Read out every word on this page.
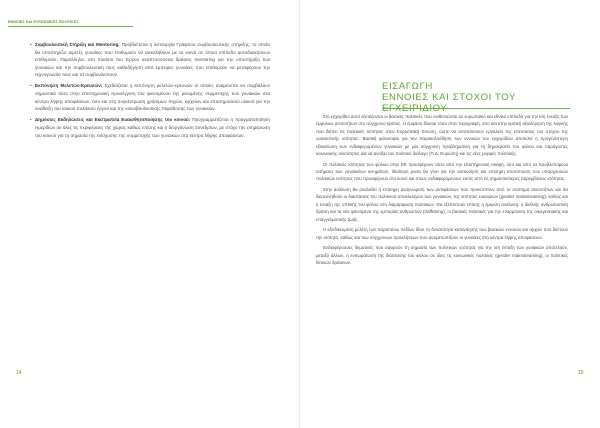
ΕΝΝΟΙΕΣ ΚΑΙ ΕΥΡΩΠΑΪΚΕΣ ΠΟΛΙΤΙΚΕΣ
• Συμβουλευτική Στήριξη και Mentoring: Προβλέπεται η λειτουργία Γραφείου συμβουλευτικής στήριξης, το οποίο θα υποστηρίζει αιρετές γυναίκες που επιθυμούν να ασκολήθουν με τα κοινά σε όποιο επίπεδο αυτοδιοικήσεων επιθυμούν. Παράλληλα, στο πλαίσιο του Έργου αναπτύσσονται δράσεις mentoring για την υποστήριξη των γυναικών και την συμβουλευτική τους καθοδήγηση από έμπειρες γυναίκες που επιθυμούν να μεταφέρουν την τεχνογνωσία τους και τα συμβουλεύτουν.
• Εκπόνηση Μελετών-Ερευνών: Σχεδιάζεται η εκπόνηση μελετών-ερευνών οι οποίες αναμένεται να συμβάλουν σημαντικά τόσο στην επιστημονική προσέγγιση του φαινομένου της μειωμένης συμμετοχής των γυναικών στα κέντρα λήψης αποφάσεων, όσο και στη συγκέντρωση χρήσιμων πηγών, αρχείων και επιστημονικού υλικού για την ανάδειξη του κοινού πολιτικού έργου και της κοινοβουλευτικής παράδοσης των γυναικών.
• Δημόσιες Εκδηλώσεις και Εκστρατεία Ευαισθητοποίησης του κοινού: Προγραμματίζεται η πραγματοποίηση Ημερίδων σε όλες τις περιφέρειες της χώρας καθώς επίσης και η διοργάνωση Συνεδρίων, με στόχο την ενημέρωση του κοινού για τη σημασία της ενίσχυσης της συμμετοχής των γυναικών στα κέντρα λήψης αποφάσεων.
14
ΕΙΣΑΓΩΓΗ
ΕΝΝΟΙΕΣ ΚΑΙ ΣΤΟΧΟΙ ΤΟΥ

Στο εγχειρίδιο αυτό εξετάζονται οι βασικές πολιτικές που υιοθετούνται σε ευρωπαϊκό και εθνικό επίπεδο για την ίση ένταξη των έμφυλων ανισοτήτων στο σύγχρονο κράτος. Η έμφαση δίνεται τόσο στην περιγραφή, όσο και στην κριτική αξιολόγηση της λογικής που διέπει τις πολιτικές ισότητας στην Ευρωπαϊκή Ένωση, ώστε να αποτελέσουν εργαλεία της επέκτασης του στόχου της ουσιαστικής ισότητας. Βασική φιλοσοφία για την παρακολούθηση των εννοιών του εγχειριδίου αποτελεί η προγενέστερη εξοικείωση των ενδιαφερομένων γυναικών με μία σύγχρονη προβληματική για τη δημοκρατία του φύλου και παράγοντες κοινωνικής ανισότητας και να ανοίξει του πολιτικό διάλογο (Π.Δ. Ευρώπη) και τις νέες μορφές πολιτικής.

Οι πολιτικές ισότητας των φύλων στην ΕΕ προσφέρουν τόσο από την επιστημονική σκέψη, όσο και από τα προβλεπόμενα αιτήματα των γυναικείων κινημάτων. Ιδιαίτερη μνεία θα γίνει για την κατανόηση και επίσημη αποτύπωση των υπαρχουσών πολιτικών ισότητας που προσφέρουν στο κοινό και στους ενδιαφερόμενους εκτός από τις σημαντικότερες παρεμβάσεις ισότητας.

Στην ανάλυση θα αναλυθεί η επίσημη αναγνώριση των αντιφάσεων που προκύπτουν από το σύστημα ανισοτήτων και θα διερευνηθούν οι διαστάσεις του πολιτικού αποκλεισμού των γυναικών, της ισότητας ευκαιριών (gender mainstreaming), καθώς και η ένταξη της οπτικής του φύλου στη διαμόρφωση πολιτικών. Θα εξεταστούν επίσης η έμφυλη ανάλυση, η διεθνής ανθρωπιστική δράση και τα νέα φαινόμενα της εμπορίας ανθρώπων (trafficking), οι βασικές πολιτικές για την εναρμόνιση της οικογενειακής και επαγγελματικής ζωής.

Η εξειδικευμένη μελέτη των παραπάνω πεδίων δίνει τη δυνατότητα κατανόησης των βασικών εννοιών και αρχών που διέπουν την ισότητα, καθώς και των σύγχρονων προκλήσεων που αντιμετωπίζουν οι γυναίκες στα κέντρα λήψης αποφάσεων.

Ενδιαφέρουσες θεματικές που αφορούν τη σημασία των πολιτικών ισότητας για την ίση ένταξη των γυναικών αποτελούν, μεταξύ άλλων, η ενσωμάτωση της διάστασης του φύλου σε όλες τις κοινωνικές πολιτικές (gender mainstreaming), οι πολιτικές θετικών δράσεων.

15
